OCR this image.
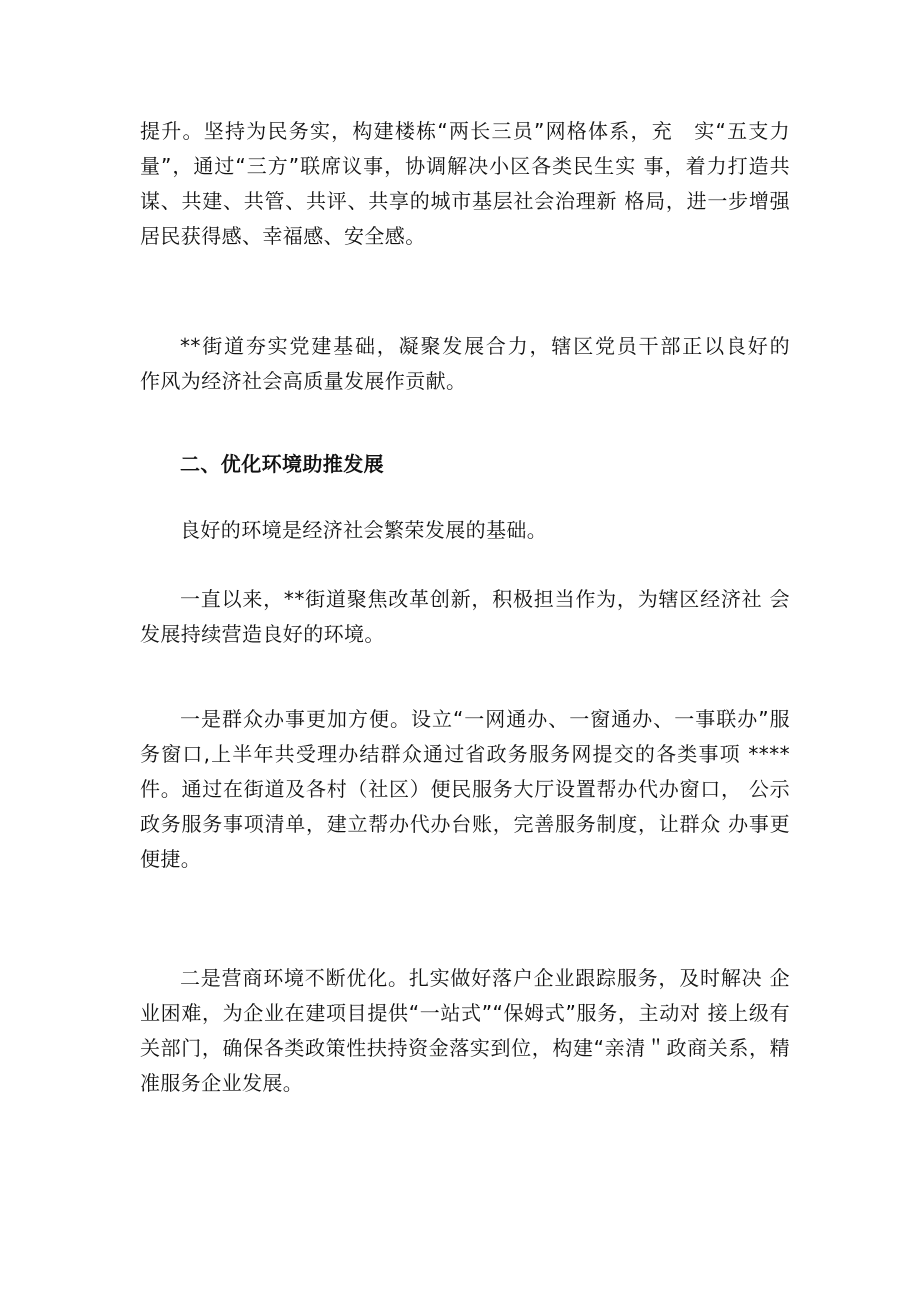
提升。坚持为民务实，构建楼栋“两长三员”网格体系，充　实“五支力量”，通过“三方”联席议事，协调解决小区各类民生实 事，着力打造共谋、共建、共管、共评、共享的城市基层社会治理新 格局，进一步增强居民获得感、幸福感、安全感。

**街道夯实党建基础，凝聚发展合力，辖区党员干部正以良好的　 作风为经济社会高质量发展作贡献。

二、优化环境助推发展

良好的环境是经济社会繁荣发展的基础。

一直以来，**街道聚焦改革创新，积极担当作为，为辖区经济社 会发展持续营造良好的环境。

一是群众办事更加方便。设立“一网通办、一窗通办、一事联办”服务窗口,上半年共受理办结群众通过省政务服务网提交的各类事项 ****件。通过在街道及各村（社区）便民服务大厅设置帮办代办窗口， 公示政务服务事项清单，建立帮办代办台账，完善服务制度，让群众 办事更便捷。

二是营商环境不断优化。扎实做好落户企业跟踪服务，及时解决 企业困难，为企业在建项目提供“一站式”“保姆式”服务，主动对 接上级有关部门，确保各类政策性扶持资金落实到位，构建“亲清＂政商关系，精准服务企业发展。
